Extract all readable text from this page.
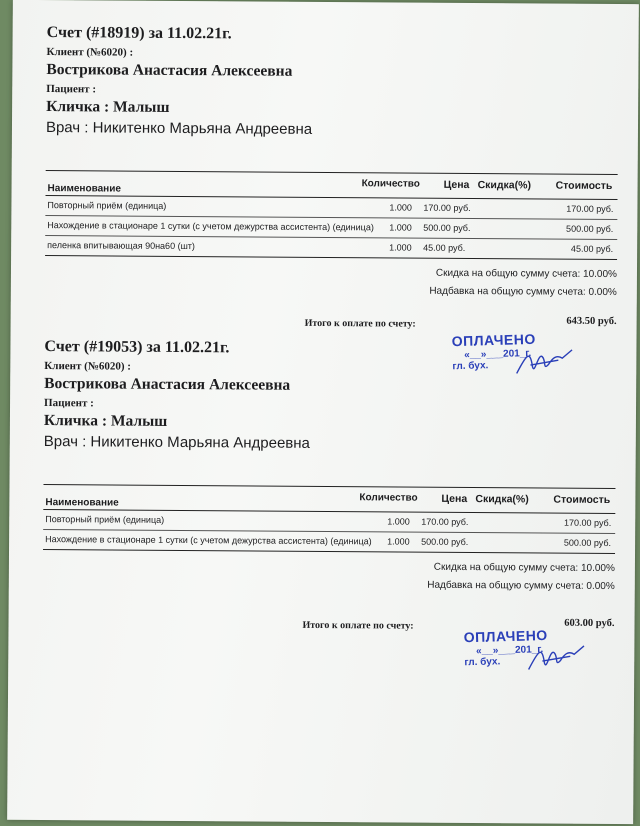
Счет (#18919) за 11.02.21г.
Клиент (№6020) :
Вострикова Анастасия Алексеевна
Пациент :
Кличка : Малыш
Врач : Никитенко Марьяна Андреевна
Наименование	Количество Цена Скидка(%) Стоимость
Повторный приём (единица)	1.000 170.00 руб.	170.00 руб.
Нахождение в стационаре 1 сутки (с учетом дежурства ассистента) (единица) 1.000 500.00 руб.	500.00 руб.
пеленка впитывающая 90на60 (шт)	1.000 45.00 руб.	45.00 руб.
Скидка на общую сумму счета: 10.00%
Надбавка на общую сумму счета: 0.00%
Итого к оплате по счету:	643.50 руб.
ОПЛАЧЕНО
«__»___201_г.
гл. бух.
Счет (#19053) за 11.02.21г.
Клиент (№6020) :
Вострикова Анастасия Алексеевна
Пациент :
Кличка : Малыш
Врач : Никитенко Марьяна Андреевна
Наименование	Количество Цена Скидка(%) Стоимость
Повторный приём (единица)	1.000 170.00 руб.	170.00 руб.
Нахождение в стационаре 1 сутки (с учетом дежурства ассистента) (единица) 1.000 500.00 руб.	500.00 руб.
Скидка на общую сумму счета: 10.00%
Надбавка на общую сумму счета: 0.00%
Итого к оплате по счету:	603.00 руб.
ОПЛАЧЕНО
«__»___201_г.
гл. бух.
